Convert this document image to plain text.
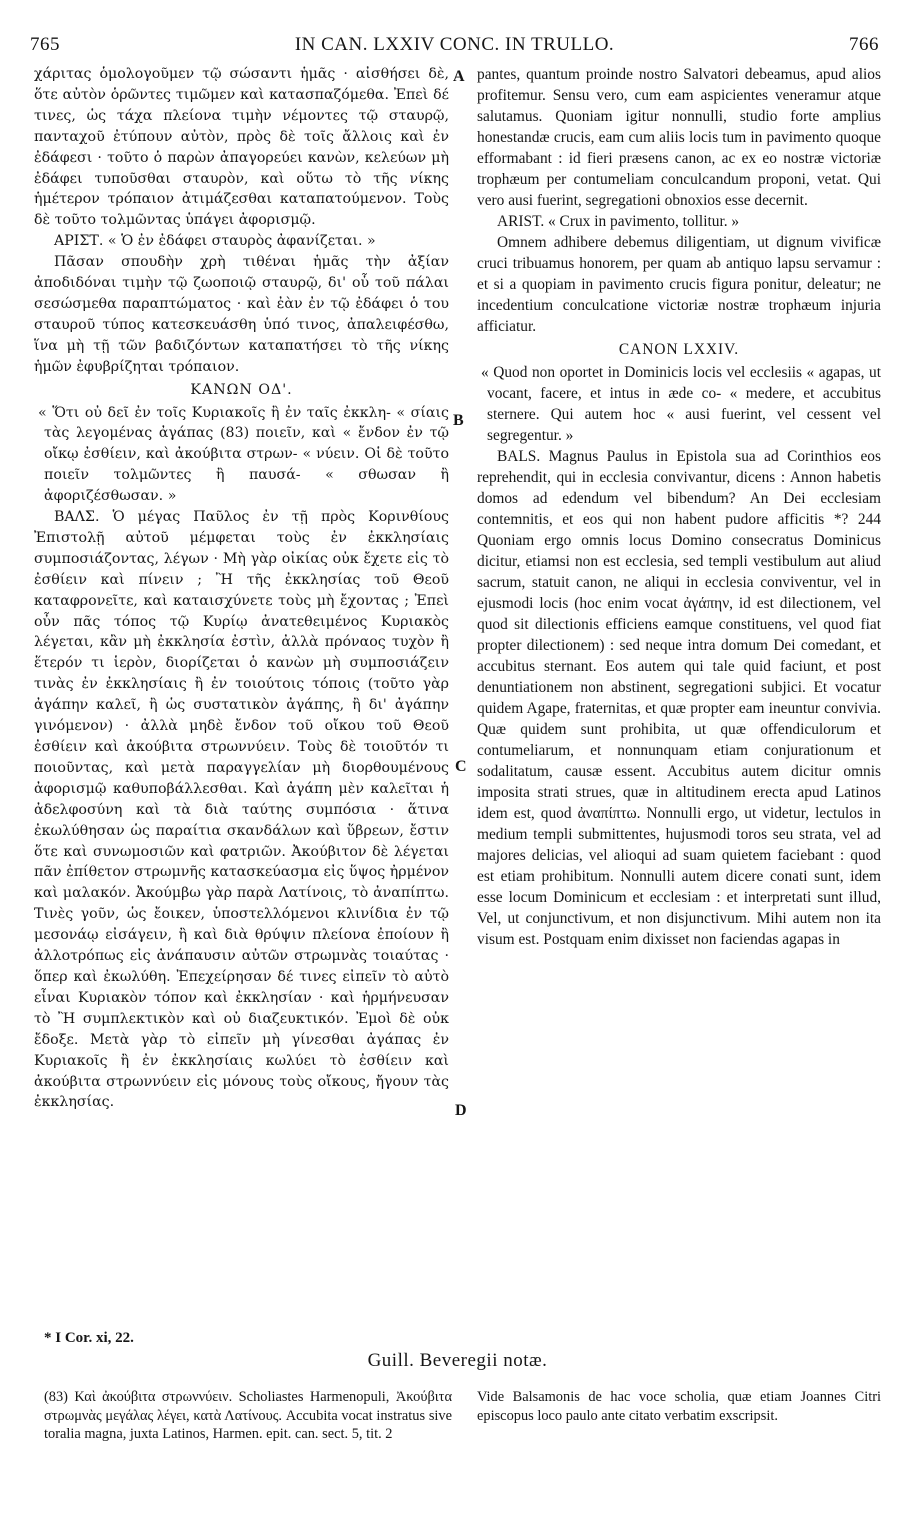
765	IN CAN. LXXIV CONC. IN TRULLO.	766

χάριτας ὁμολογοῦμεν τῷ σώσαντι ἡμᾶς · αἰσθήσει δὲ, ὅτε αὐτὸν ὁρῶντες τιμῶμεν καὶ κατασπαζόμεθα. Ἐπεὶ δέ τινες, ὡς τάχα πλείονα τιμὴν νέμοντες τῷ σταυρῷ, πανταχοῦ ἐτύπουν αὐτὸν, πρὸς δὲ τοῖς ἄλλοις καὶ ἐν ἐδάφεσι · τοῦτο ὁ παρὼν ἀπαγορεύει κανὼν, κελεύων μὴ ἐδάφει τυποῦσθαι σταυρὸν, καὶ οὕτω τὸ τῆς νίκης ἡμέτερον τρόπαιον ἀτιμάζεσθαι καταπατούμενον. Τοὺς δὲ τοῦτο τολμῶντας ὑπάγει ἀφορισμῷ.

ΑΡΙΣΤ. « Ὁ ἐν ἐδάφει σταυρὸς ἀφανίζεται. »

Πᾶσαν σπουδὴν χρὴ τιθέναι ἡμᾶς τὴν ἀξίαν ἀποδιδόναι τιμὴν τῷ ζωοποιῷ σταυρῷ, δι' οὗ τοῦ πάλαι σεσώσμεθα παραπτώματος · καὶ ἐὰν ἐν τῷ ἐδάφει ὁ του σταυροῦ τύπος κατεσκευάσθη ὑπό τινος, ἀπαλειφέσθω, ἵνα μὴ τῇ τῶν βαδιζόντων καταπατήσει τὸ τῆς νίκης ἡμῶν ἐφυβρίζηται τρόπαιον.

ΚΑΝΩΝ ΟΔ'.

« Ὅτι οὐ δεῖ ἐν τοῖς Κυριακοῖς ἢ ἐν ταῖς ἐκκλη- « σίαις τὰς λεγομένας ἀγάπας (83) ποιεῖν, καὶ « ἔνδον ἐν τῷ οἴκῳ ἐσθίειν, καὶ ἀκούβιτα στρων- « νύειν. Οἱ δὲ τοῦτο ποιεῖν τολμῶντες ἢ παυσά- « σθωσαν ἢ ἀφοριζέσθωσαν. »

ΒΑΛΣ. Ὁ μέγας Παῦλος ἐν τῇ πρὸς Κορινθίους Ἐπιστολῇ αὐτοῦ μέμφεται τοὺς ἐν ἐκκλησίαις συμποσιάζοντας, λέγων · Μὴ γὰρ οἰκίας οὐκ ἔχετε εἰς τὸ ἐσθίειν καὶ πίνειν ; Ἢ τῆς ἐκκλησίας τοῦ Θεοῦ καταφρονεῖτε, καὶ καταισχύνετε τοὺς μὴ ἔχοντας ; Ἐπεὶ οὖν πᾶς τόπος τῷ Κυρίῳ ἀνατεθειμένος Κυριακὸς λέγεται, κἂν μὴ ἐκκλησία ἐστὶν, ἀλλὰ πρόναος τυχὸν ἢ ἕτερόν τι ἱερὸν, διορίζεται ὁ κανὼν μὴ συμποσιάζειν τινὰς ἐν ἐκκλησίαις ἢ ἐν τοιούτοις τόποις (τοῦτο γὰρ ἀγάπην καλεῖ, ἢ ὡς συστατικὸν ἀγάπης, ἢ δι' ἀγάπην γινόμενον) · ἀλλὰ μηδὲ ἔνδον τοῦ οἴκου τοῦ Θεοῦ ἐσθίειν καὶ ἀκούβιτα στρωννύειν. Τοὺς δὲ τοιοῦτόν τι ποιοῦντας, καὶ μετὰ παραγγελίαν μὴ διορθουμένους ἀφορισμῷ καθυποβάλλεσθαι. Καὶ ἀγάπη μὲν καλεῖται ἡ ἀδελφοσύνη καὶ τὰ διὰ ταύτης συμπόσια · ἅτινα ἐκωλύθησαν ὡς παραίτια σκανδάλων καὶ ὕβρεων, ἔστιν ὅτε καὶ συνωμοσιῶν καὶ φατριῶν. Ἀκούβιτον δὲ λέγεται πᾶν ἐπίθετον στρωμνῆς κατασκεύασμα εἰς ὕψος ἠρμένον καὶ μαλακόν. Ἀκούμβω γὰρ παρὰ Λατίνοις, τὸ ἀναπίπτω. Τινὲς γοῦν, ὡς ἔοικεν, ὑποστελλόμενοι κλινίδια ἐν τῷ μεσονάῳ εἰσάγειν, ἢ καὶ διὰ θρύψιν πλείονα ἐποίουν ἢ ἀλλοτρόπως εἰς ἀνάπαυσιν αὐτῶν στρωμνὰς τοιαύτας · ὅπερ καὶ ἐκωλύθη. Ἐπεχείρησαν δέ τινες εἰπεῖν τὸ αὐτὸ εἶναι Κυριακὸν τόπον καὶ ἐκκλησίαν · καὶ ἡρμήνευσαν τὸ Ἢ συμπλεκτικὸν καὶ οὐ διαζευκτικόν. Ἐμοὶ δὲ οὐκ ἔδοξε. Μετὰ γὰρ τὸ εἰπεῖν μὴ γίνεσθαι ἀγάπας ἐν Κυριακοῖς ἢ ἐν ἐκκλησίαις κωλύει τὸ ἐσθίειν καὶ ἀκούβιτα στρωννύειν εἰς μόνους τοὺς οἴκους, ἤγουν τὰς ἐκκλησίας.

pantes, quantum proinde nostro Salvatori debeamus, apud alios profitemur. Sensu vero, cum eam aspicientes veneramur atque salutamus. Quoniam igitur nonnulli, studio forte amplius honestandæ crucis, eam cum aliis locis tum in pavimento quoque efformabant : id fieri præsens canon, ac ex eo nostræ victoriæ trophæum per contumeliam conculcandum proponi, vetat. Qui vero ausi fuerint, segregationi obnoxios esse decernit.

ARIST. « Crux in pavimento, tollitur. »

Omnem adhibere debemus diligentiam, ut dignum vivificæ cruci tribuamus honorem, per quam ab antiquo lapsu servamur : et si a quopiam in pavimento crucis figura ponitur, deleatur; ne incedentium conculcatione victoriæ nostræ trophæum injuria afficiatur.

CANON LXXIV.

« Quod non oportet in Dominicis locis vel ecclesiis « agapas, ut vocant, facere, et intus in æde co- « medere, et accubitus sternere. Qui autem hoc « ausi fuerint, vel cessent vel segregentur. »

BALS. Magnus Paulus in Epistola sua ad Corinthios eos reprehendit, qui in ecclesia convivantur, dicens : Annon habetis domos ad edendum vel bibendum? An Dei ecclesiam contemnitis, et eos qui non habent pudore afficitis *? 244 Quoniam ergo omnis locus Domino consecratus Dominicus dicitur, etiamsi non est ecclesia, sed templi vestibulum aut aliud sacrum, statuit canon, ne aliqui in ecclesia conviventur, vel in ejusmodi locis (hoc enim vocat ἀγάπην, id est dilectionem, vel quod sit dilectionis efficiens eamque constituens, vel quod fiat propter dilectionem) : sed neque intra domum Dei comedant, et accubitus sternant. Eos autem qui tale quid faciunt, et post denuntiationem non abstinent, segregationi subjici. Et vocatur quidem Agape, fraternitas, et quæ propter eam ineuntur convivia. Quæ quidem sunt prohibita, ut quæ offendiculorum et contumeliarum, et nonnunquam etiam conjurationum et sodalitatum, causæ essent. Accubitus autem dicitur omnis imposita strati strues, quæ in altitudinem erecta apud Latinos idem est, quod ἀναπίπτω. Nonnulli ergo, ut videtur, lectulos in medium templi submittentes, hujusmodi toros seu strata, vel ad majores delicias, vel alioqui ad suam quietem faciebant : quod est etiam prohibitum. Nonnulli autem dicere conati sunt, idem esse locum Dominicum et ecclesiam : et interpretati sunt illud, Vel, ut conjunctivum, et non disjunctivum. Mihi autem non ita visum est. Postquam enim dixisset non faciendas agapas in

A
B
C
D
* I Cor. xi, 22.
Guill. Beveregii notæ.

(83) Καὶ ἀκούβιτα στρωννύειν. Scholiastes Harmenopuli, Ἀκούβιτα στρωμνὰς μεγάλας λέγει, κατὰ Λατίνους. Accubita vocat instratus sive toralia magna, juxta Latinos, Harmen. epit. can. sect. 5, tit. 2

Vide Balsamonis de hac voce scholia, quæ etiam Joannes Citri episcopus loco paulo ante citato verbatim exscripsit.
